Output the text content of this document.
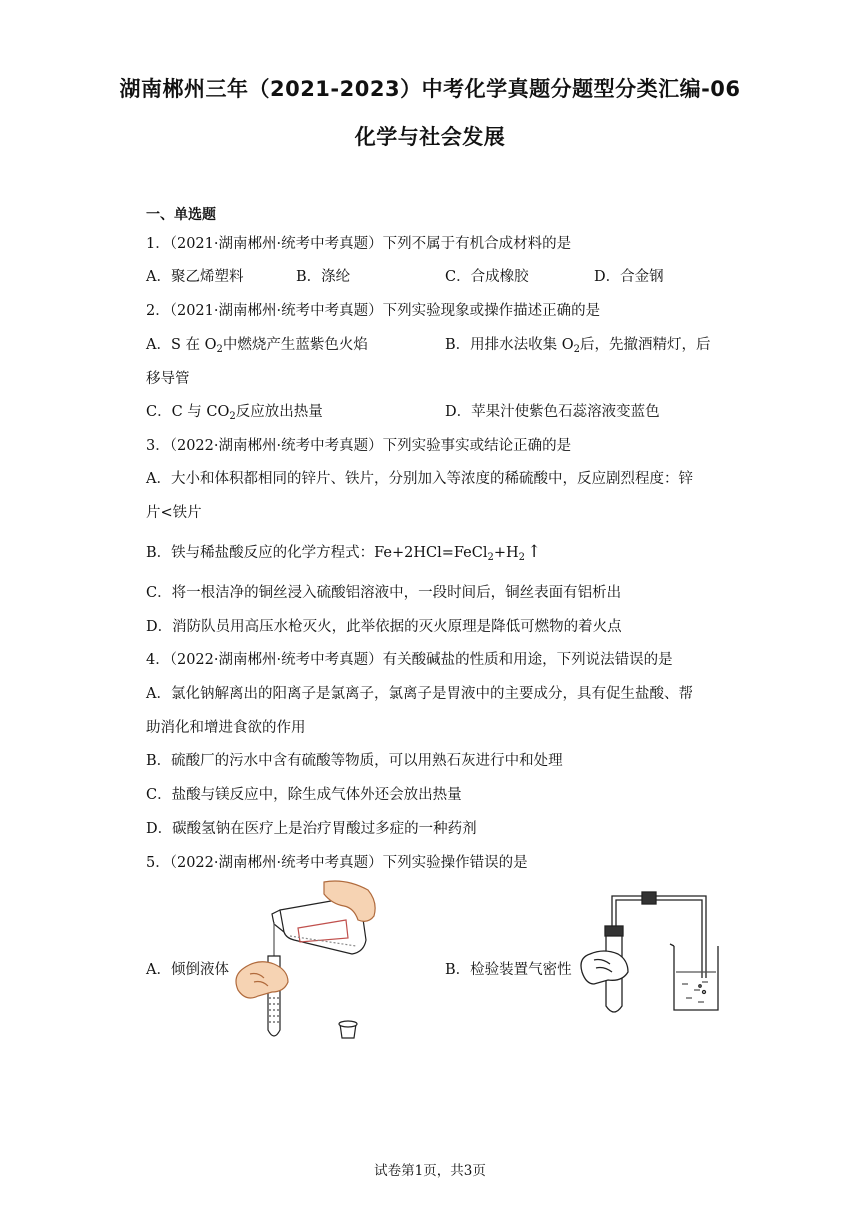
湖南郴州三年（2021-2023）中考化学真题分题型分类汇编-06
化学与社会发展
一、单选题
1．（2021·湖南郴州·统考中考真题）下列不属于有机合成材料的是
A．聚乙烯塑料	B．涤纶	C．合成橡胶	D．合金钢
2．（2021·湖南郴州·统考中考真题）下列实验现象或操作描述正确的是
A．S 在 $O_2$中燃烧产生蓝紫色火焰	B．用排水法收集 $O_2$后，先撤酒精灯，后
移导管
C．C 与 $CO_2$反应放出热量	D．苹果汁使紫色石蕊溶液变蓝色
3．（2022·湖南郴州·统考中考真题）下列实验事实或结论正确的是
A．大小和体积都相同的锌片、铁片，分别加入等浓度的稀硫酸中，反应剧烈程度：锌
片<铁片
B．铁与稀盐酸反应的化学方程式：$Fe+2HCl=FeCl_2+H_2$ ↑
C．将一根洁净的铜丝浸入硫酸铝溶液中，一段时间后，铜丝表面有铝析出
D．消防队员用高压水枪灭火，此举依据的灭火原理是降低可燃物的着火点
4．（2022·湖南郴州·统考中考真题）有关酸碱盐的性质和用途，下列说法错误的是
A．氯化钠解离出的阳离子是氯离子，氯离子是胃液中的主要成分，具有促生盐酸、帮
助消化和增进食欲的作用
B．硫酸厂的污水中含有硫酸等物质，可以用熟石灰进行中和处理
C．盐酸与镁反应中，除生成气体外还会放出热量
D．碳酸氢钠在医疗上是治疗胃酸过多症的一种药剂
5．（2022·湖南郴州·统考中考真题）下列实验操作错误的是
A．倾倒液体	B．检验装置气密性
试卷第1页，共3页
